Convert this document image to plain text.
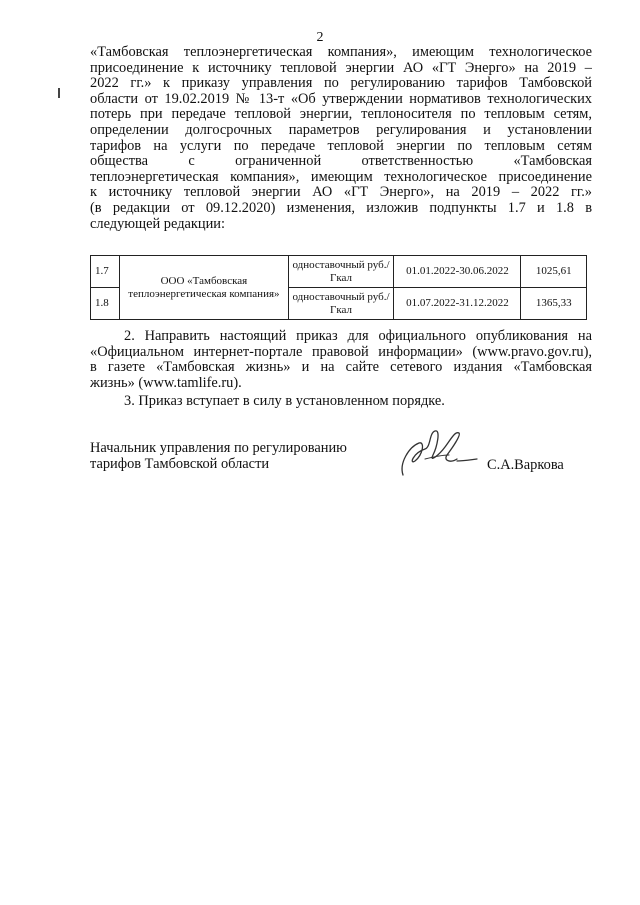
2
«Тамбовская теплоэнергетическая компания», имеющим технологическое
присоединение к источнику тепловой энергии АО «ГТ Энерго» на 2019 –
2022 гг.» к приказу управления по регулированию тарифов Тамбовской
области от 19.02.2019 № 13-т «Об утверждении нормативов технологических
потерь при передаче тепловой энергии, теплоносителя по тепловым сетям,
определении долгосрочных параметров регулирования и установлении
тарифов на услуги по передаче тепловой энергии по тепловым сетям
общества с ограниченной ответственностью «Тамбовская
теплоэнергетическая компания», имеющим технологическое присоединение
к источнику тепловой энергии АО «ГТ Энерго», на 2019 – 2022 гг.»
(в редакции от 09.12.2020) изменения, изложив подпункты 1.7 и 1.8 в
следующей редакции:
1.7	ООО «Тамбовская теплоэнергетическая компания»	одноставочный руб./Гкал	01.01.2022-30.06.2022	1025,61
1.8		одноставочный руб./Гкал	01.07.2022-31.12.2022	1365,33
2. Направить настоящий приказ для официального опубликования на
«Официальном интернет-портале правовой информации» (www.pravo.gov.ru),
в газете «Тамбовская жизнь» и на сайте сетевого издания «Тамбовская
жизнь» (www.tamlife.ru).
3. Приказ вступает в силу в установленном порядке.
Начальник управления по регулированию
тарифов Тамбовской области	С.А.Варкова
